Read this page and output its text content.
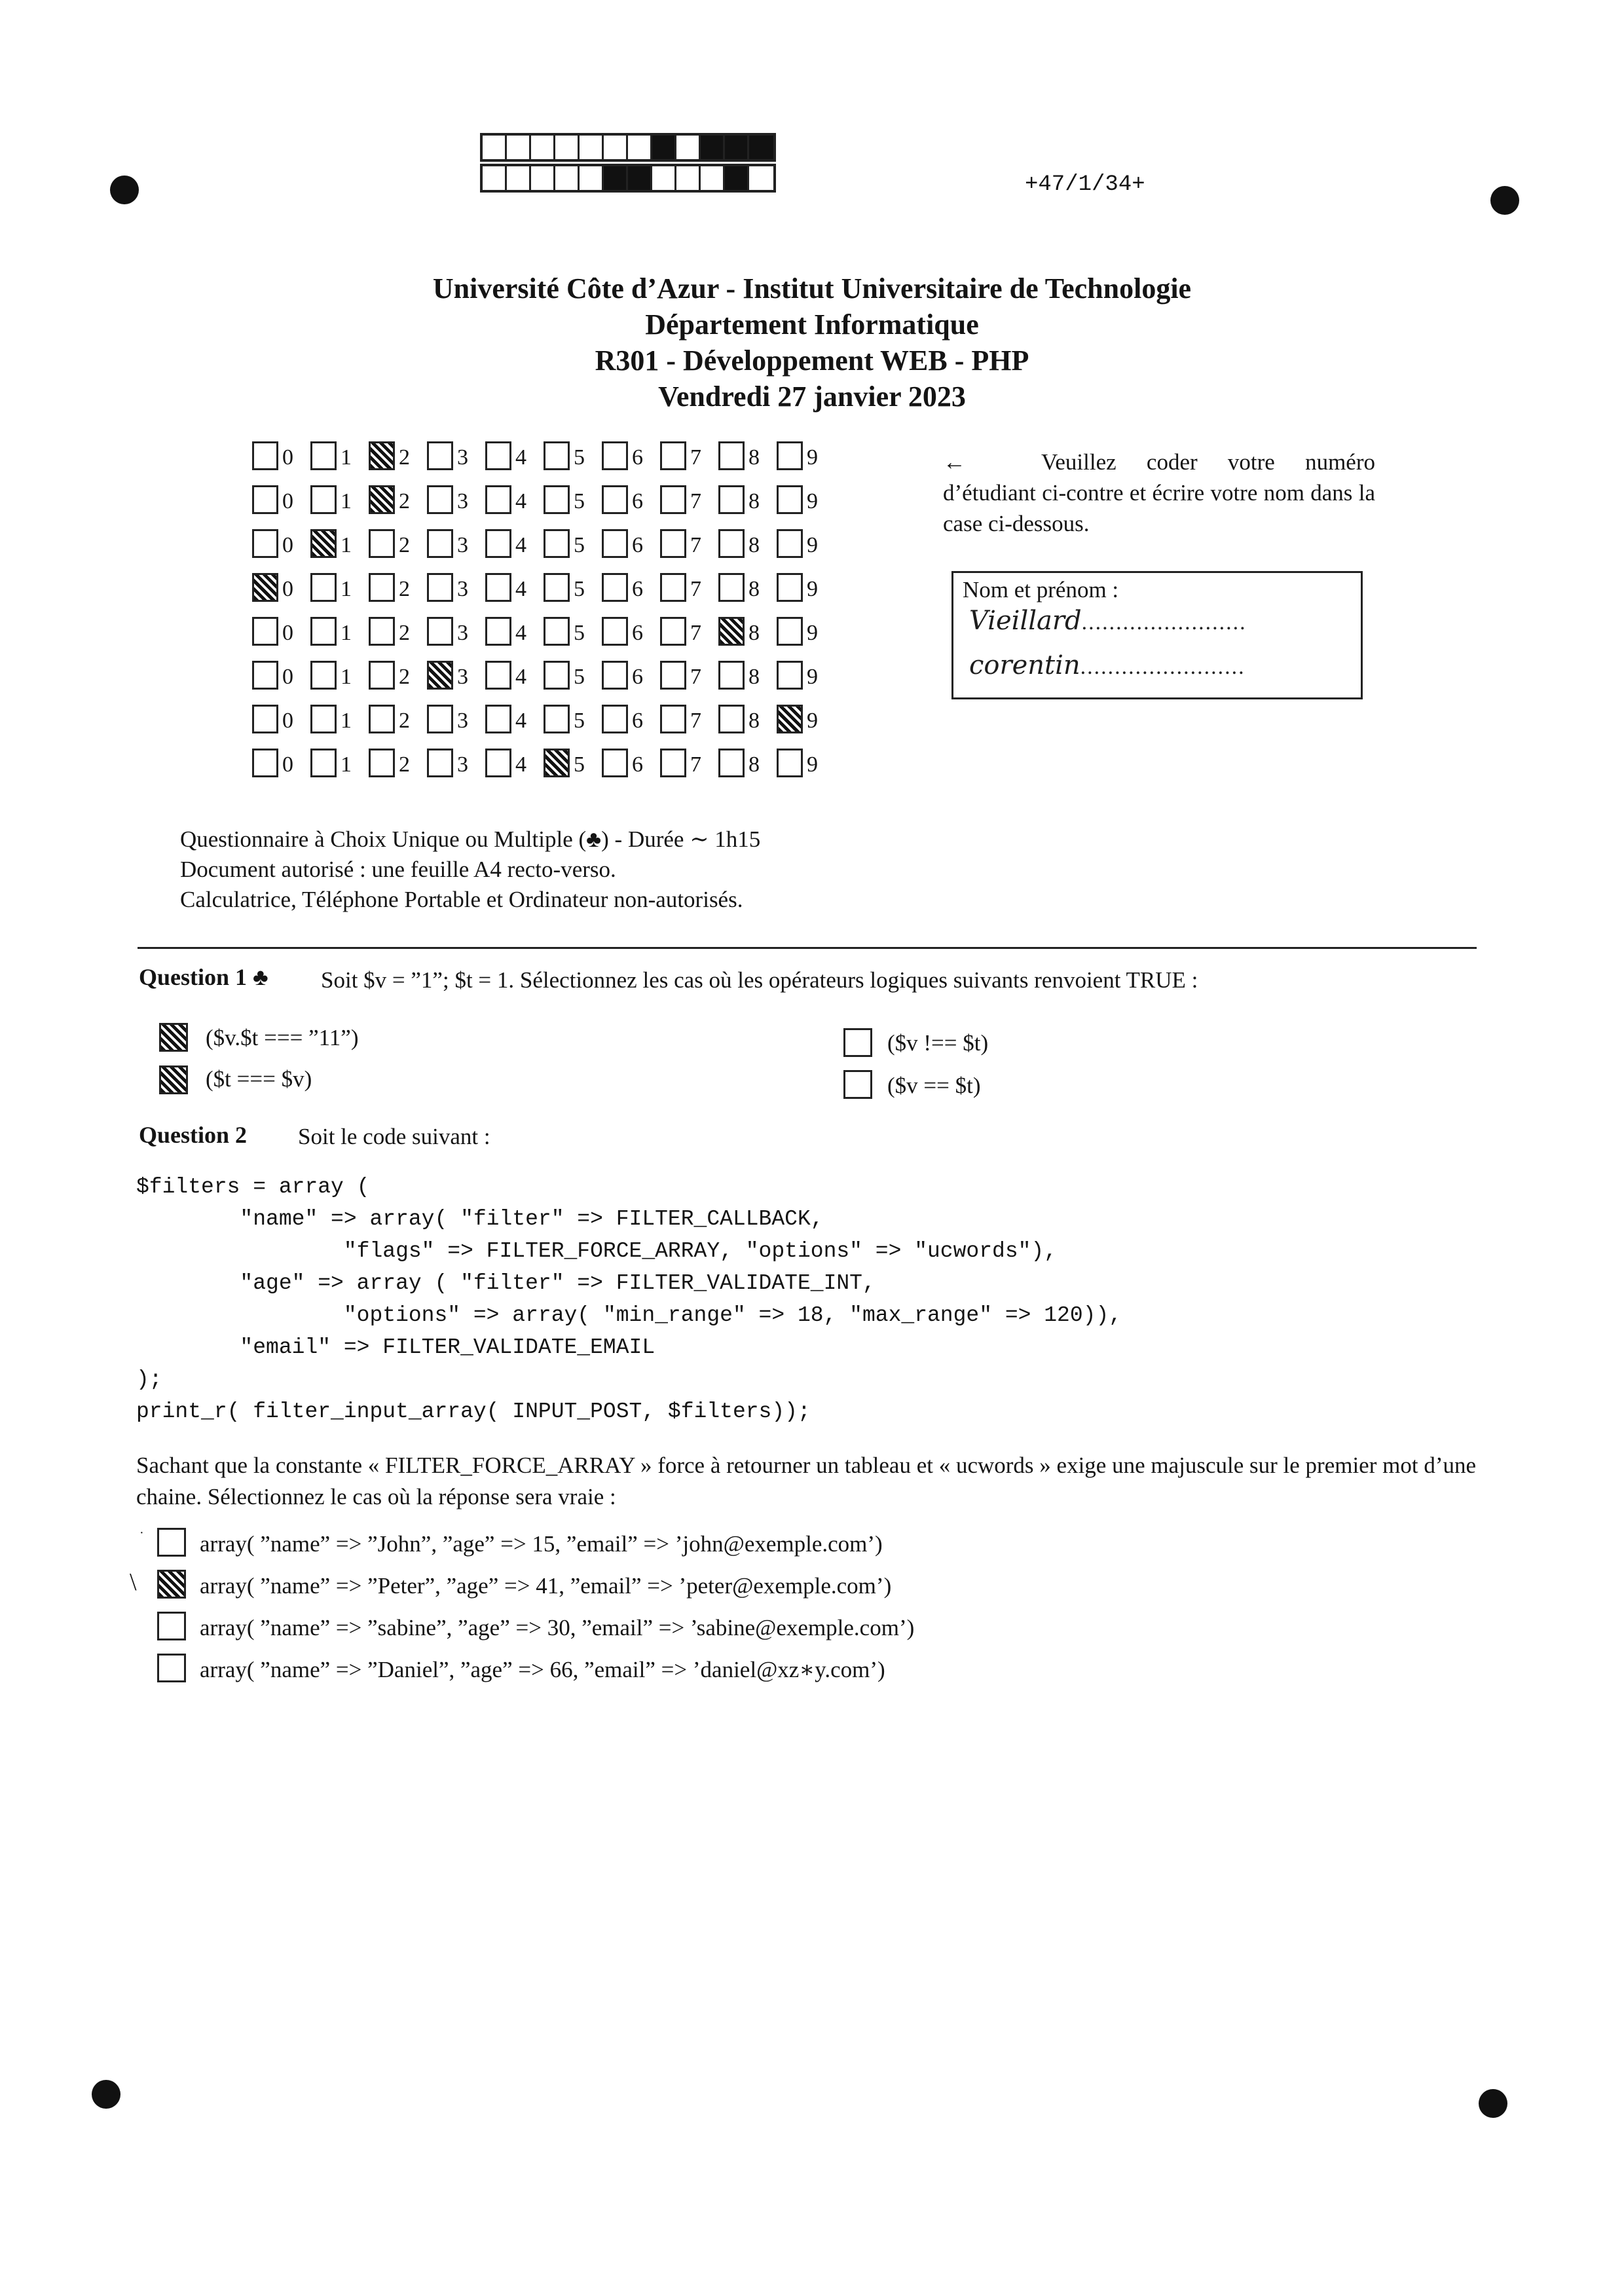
+47/1/34+
Université Côte d’Azur - Institut Universitaire de Technologie
Département Informatique
R301 - Développement WEB - PHP
Vendredi 27 janvier 2023
0 1 2 3 4 5 6 7 8 9
0 1 2 3 4 5 6 7 8 9
0 1 2 3 4 5 6 7 8 9
0 1 2 3 4 5 6 7 8 9
0 1 2 3 4 5 6 7 8 9
0 1 2 3 4 5 6 7 8 9
0 1 2 3 4 5 6 7 8 9
0 1 2 3 4 5 6 7 8 9
←	Veuillez coder votre numéro d’étudiant ci-contre et écrire votre nom dans la case ci-dessous.
Nom et prénom :
Vieillard........................
corentin........................
Questionnaire à Choix Unique ou Multiple (♣) - Durée ∼ 1h15
Document autorisé : une feuille A4 recto-verso.
Calculatrice, Téléphone Portable et Ordinateur non-autorisés.
Question 1 ♣ Soit $v = ”1”; $t = 1. Sélectionnez les cas où les opérateurs logiques suivants renvoient TRUE :
($v.$t === ”11”)
($t === $v)
($v !== $t)
($v == $t)
Question 2 Soit le code suivant :
$filters = array (
"name" => array( "filter" => FILTER_CALLBACK,
"flags" => FILTER_FORCE_ARRAY, "options" => "ucwords"),
"age" => array ( "filter" => FILTER_VALIDATE_INT,
"options" => array( "min_range" => 18, "max_range" => 120)),
"email" => FILTER_VALIDATE_EMAIL
);
print_r( filter_input_array( INPUT_POST, $filters));
Sachant que la constante « FILTER_FORCE_ARRAY » force à retourner un tableau et « ucwords » exige une majuscule sur le premier mot d’une chaine. Sélectionnez le cas où la réponse sera vraie :
· array( ”name” => ”John”, ”age” => 15, ”email” => ’john@exemple.com’)
\	array( ”name” => ”Peter”, ”age” => 41, ”email” => ’peter@exemple.com’)
array( ”name” => ”sabine”, ”age” => 30, ”email” => ’sabine@exemple.com’)
array( ”name” => ”Daniel”, ”age” => 66, ”email” => ’daniel@xz∗y.com’)
